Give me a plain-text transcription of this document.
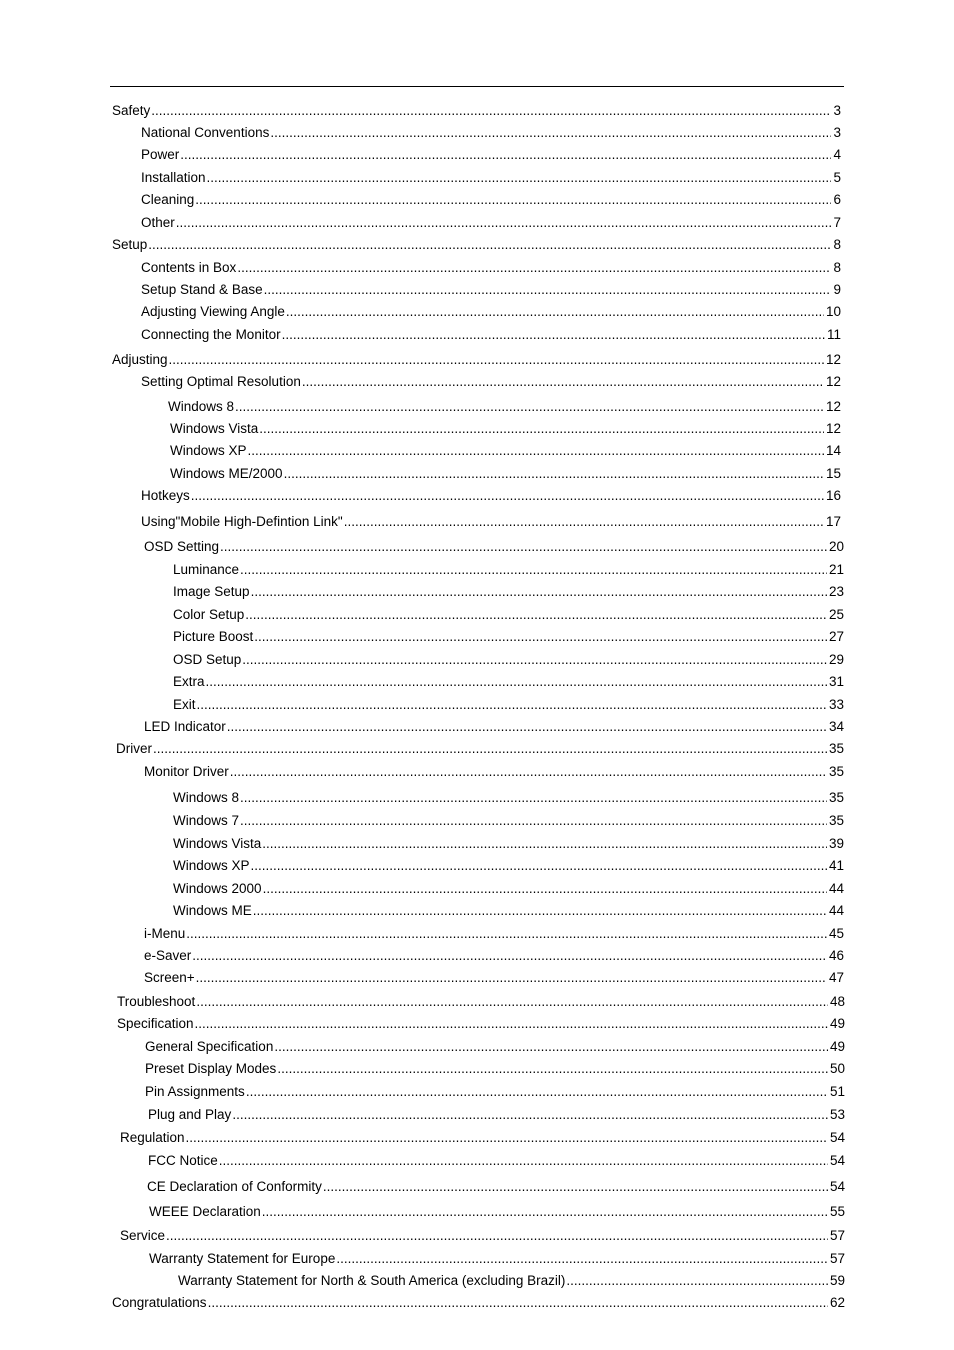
Safety .....	3
National Conventions .....	3
Power .....	4
Installation .....	5
Cleaning .....	6
Other .....	7
Setup .....	8
Contents in Box .....	8
Setup Stand & Base .....	9
Adjusting Viewing Angle .....	10
Connecting the Monitor .....	11
Adjusting .....	12
Setting Optimal Resolution .....	12
Windows 8 .....	12
Windows Vista .....	12
Windows XP .....	14
Windows ME/2000 .....	15
Hotkeys .....	16
Using"Mobile High-Defintion Link" .....	17
OSD Setting .....	20
Luminance .....	21
Image Setup .....	23
Color Setup .....	25
Picture Boost .....	27
OSD Setup .....	29
Extra .....	31
Exit .....	33
LED Indicator .....	34
Driver .....	35
Monitor Driver .....	35
Windows 8 .....	35
Windows 7 .....	35
Windows Vista .....	39
Windows XP .....	41
Windows 2000 .....	44
Windows ME .....	44
i-Menu .....	45
e-Saver .....	46
Screen+ .....	47
Troubleshoot .....	48
Specification .....	49
General Specification .....	49
Preset Display Modes .....	50
Pin Assignments .....	51
Plug and Play .....	53
Regulation .....	54
FCC Notice .....	54
CE Declaration of Conformity .....	54
WEEE Declaration .....	55
Service .....	57
Warranty Statement for Europe .....	57
Warranty Statement for North & South America (excluding Brazil) .....	59
Congratulations .....	62
